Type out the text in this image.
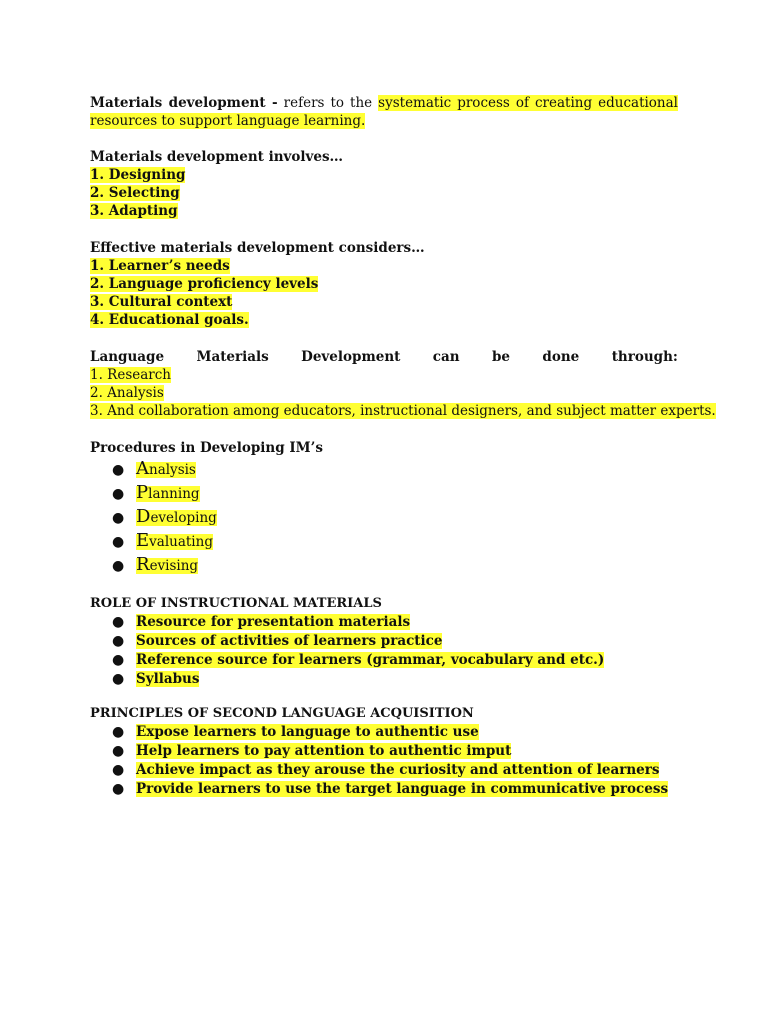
Materials development - refers to the systematic process of creating educational resources to support language learning.
Materials development involves…
1. Designing
2. Selecting
3. Adapting
Effective materials development considers…
1. Learner’s needs
2. Language proficiency levels
3. Cultural context
4. Educational goals.
Language Materials Development can be done through:
1. Research
2. Analysis
3. And collaboration among educators, instructional designers, and subject matter experts.
Procedures in Developing IM’s
● Analysis
● Planning
● Developing
● Evaluating
● Revising
ROLE OF INSTRUCTIONAL MATERIALS
● Resource for presentation materials
● Sources of activities of learners practice
● Reference source for learners (grammar, vocabulary and etc.)
● Syllabus
PRINCIPLES OF SECOND LANGUAGE ACQUISITION
● Expose learners to language to authentic use
● Help learners to pay attention to authentic imput
● Achieve impact as they arouse the curiosity and attention of learners
● Provide learners to use the target language in communicative process
